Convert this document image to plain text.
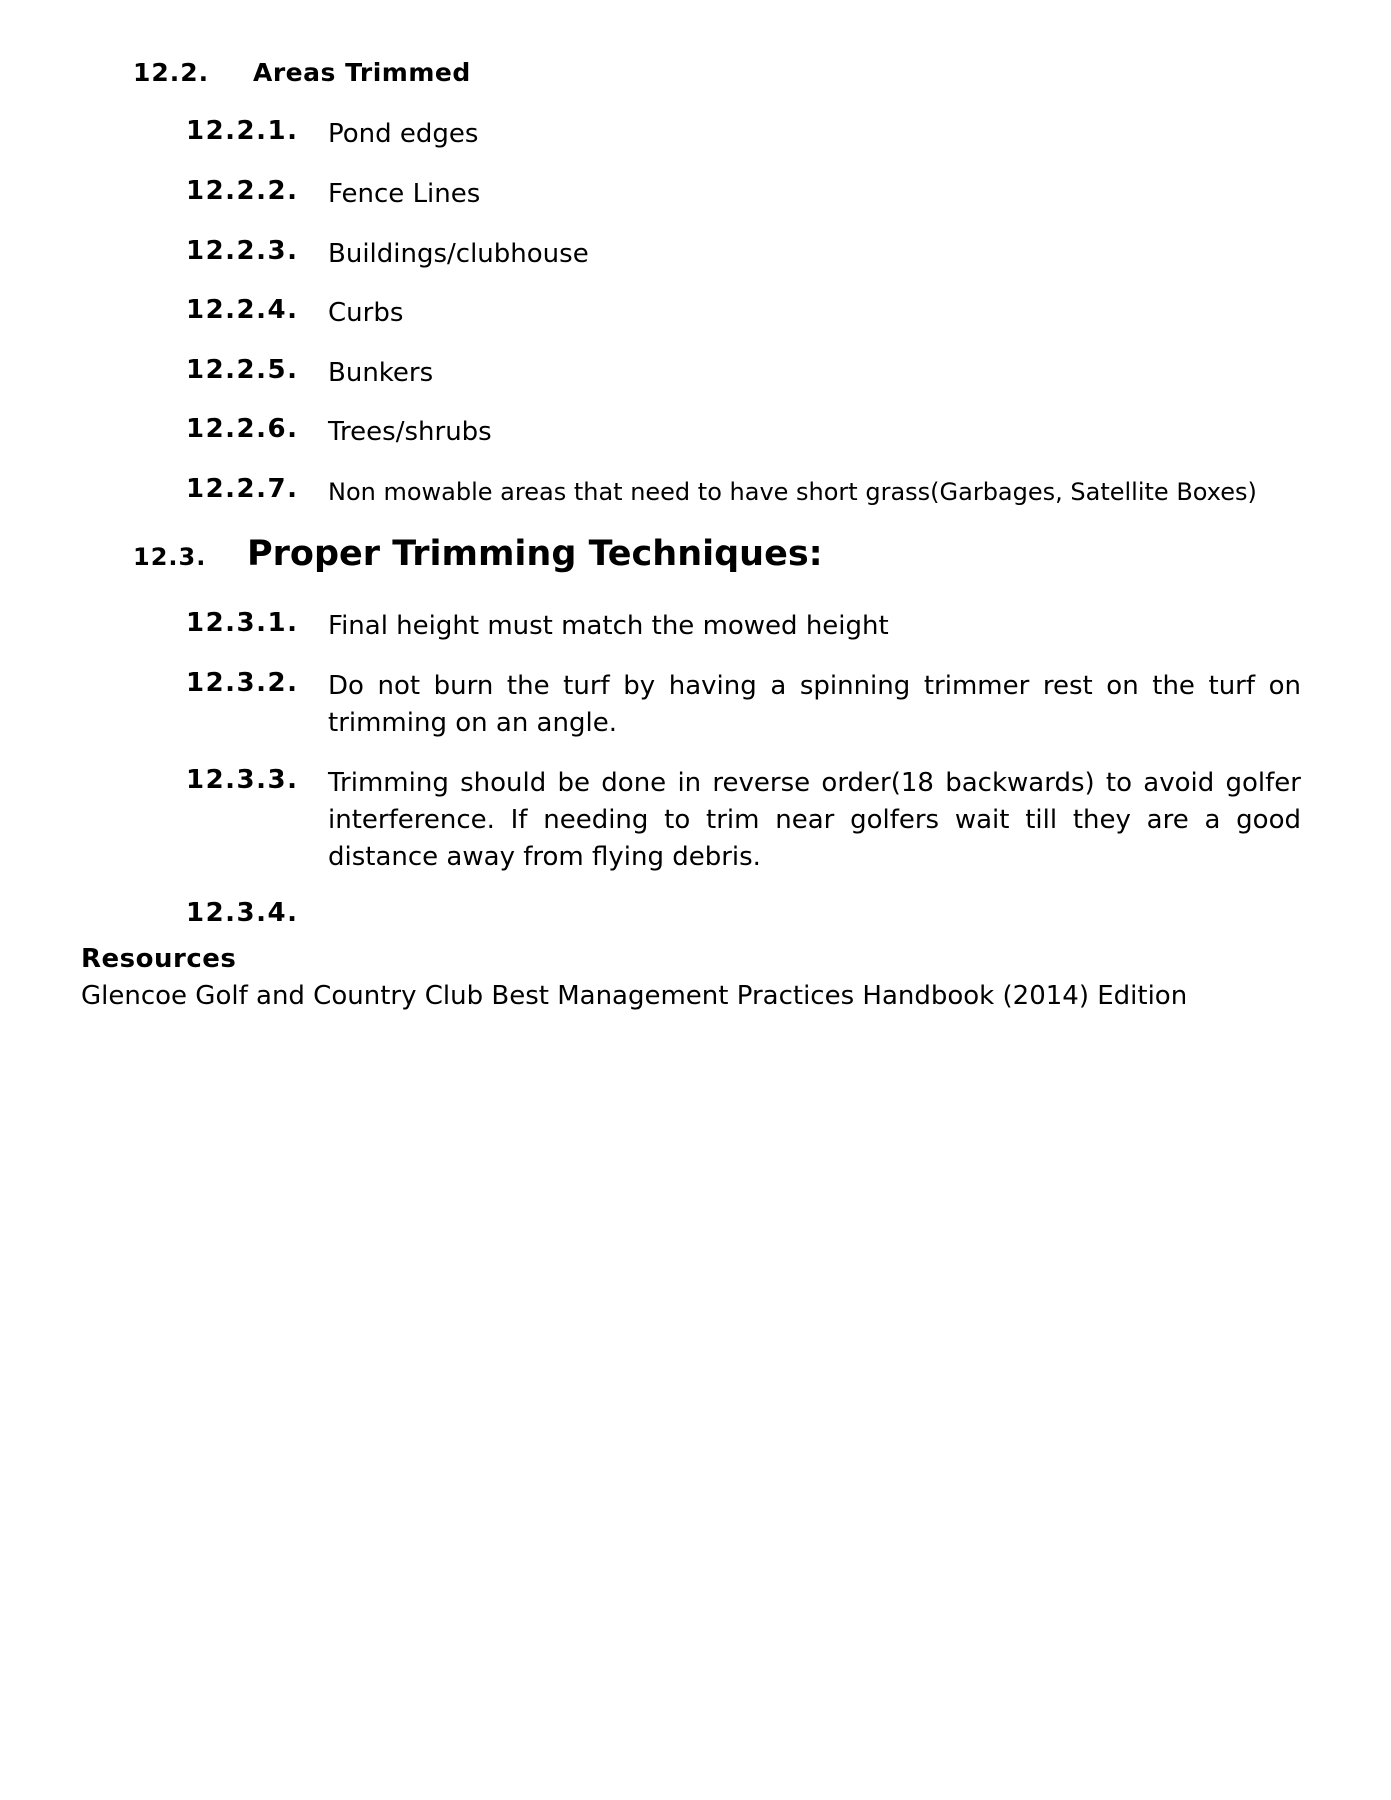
12.2.	Areas Trimmed
12.2.1. Pond edges
12.2.2. Fence Lines
12.2.3. Buildings/clubhouse
12.2.4. Curbs
12.2.5. Bunkers
12.2.6. Trees/shrubs
12.2.7. Non mowable areas that need to have short grass(Garbages, Satellite Boxes)
12.3.	Proper Trimming Techniques:
12.3.1. Final height must match the mowed height
12.3.2. Do not burn the turf by having a spinning trimmer rest on the turf on trimming on an angle.
12.3.3. Trimming should be done in reverse order(18 backwards) to avoid golfer interference. If needing to trim near golfers wait till they are a good distance away from flying debris.
12.3.4.
Resources
Glencoe Golf and Country Club Best Management Practices Handbook (2014) Edition
